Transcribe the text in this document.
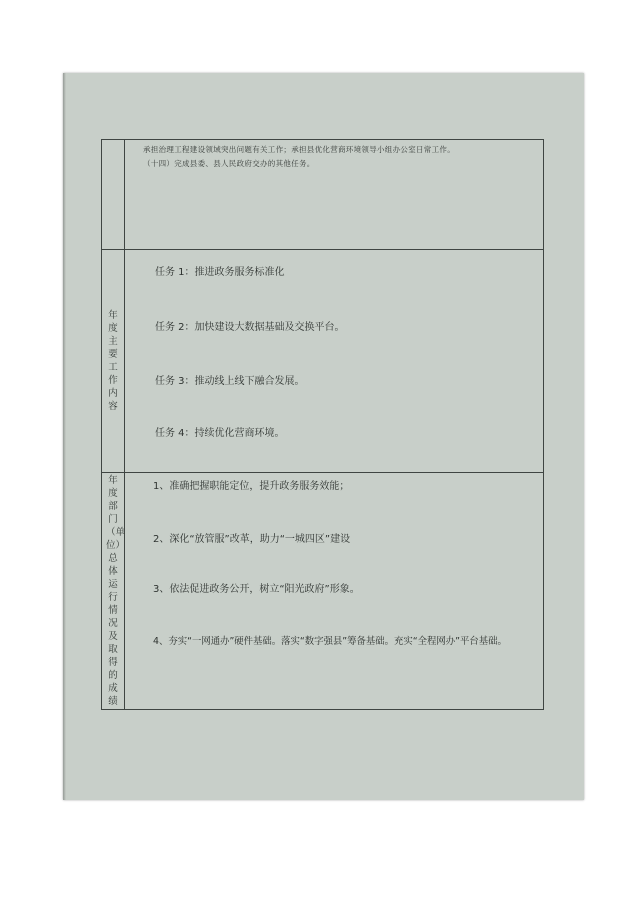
	承担治理工程建设领域突出问题有关工作；承担县优化营商环境领导小组办公室日常工作。
（十四）完成县委、县人民政府交办的其他任务。

年度主要工作内容	任务 1：推进政务服务标准化
任务 2：加快建设大数据基础及交换平台。
任务 3：推动线上线下融合发展。
任务 4：持续优化营商环境。

年度部门（单位）总体运行情况及取得的成绩	1、准确把握职能定位，提升政务服务效能；
2、深化“放管服”改革，助力“一城四区”建设
3、依法促进政务公开，树立“阳光政府”形象。
4、夯实“一网通办”硬件基础。落实“数字强县”筹备基础。充实“全程网办”平台基础。
